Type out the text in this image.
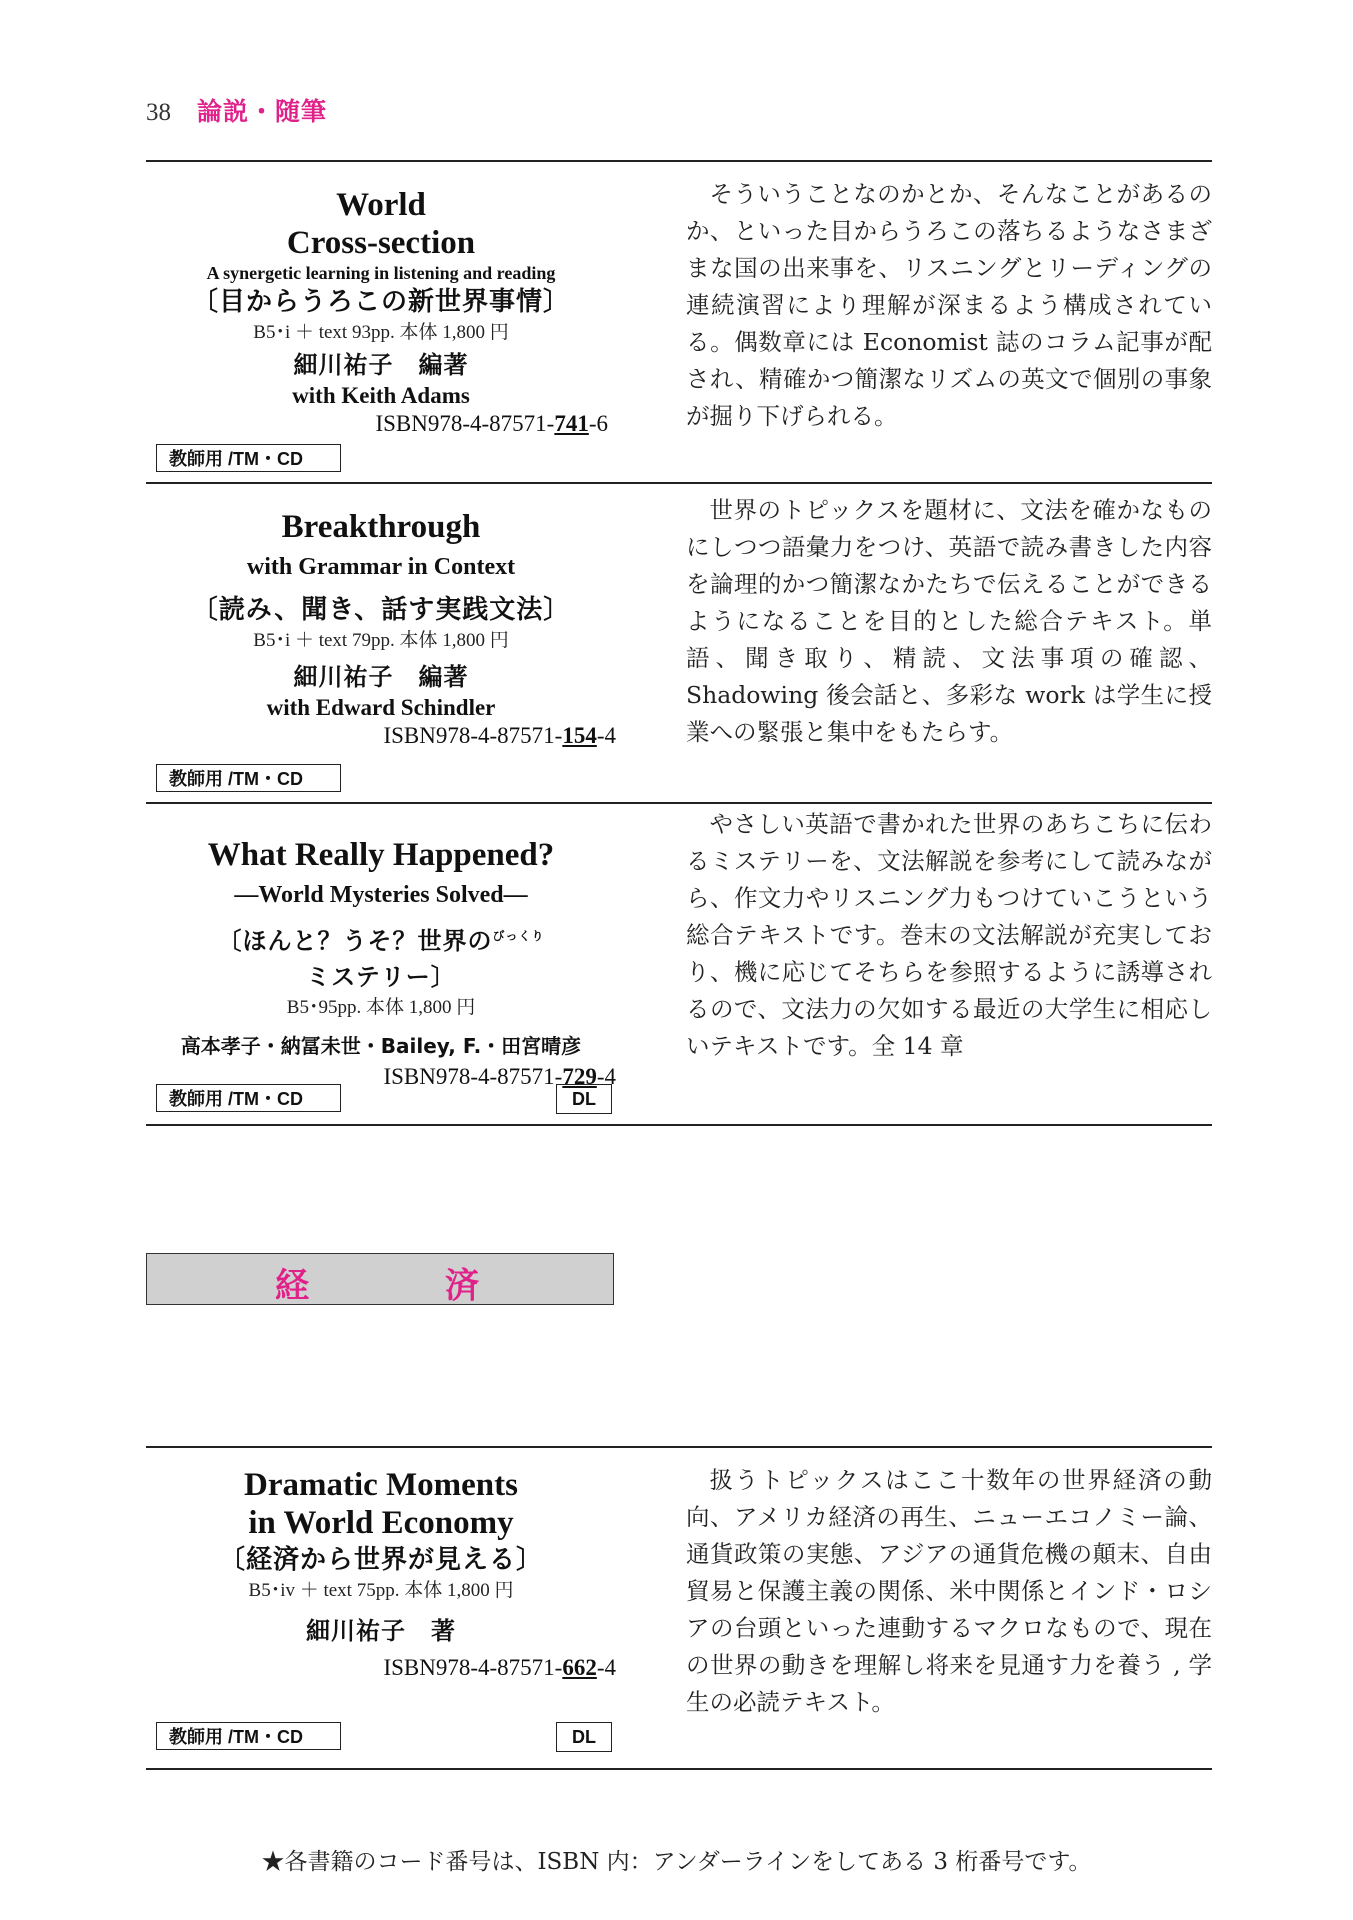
38 論説・随筆
World
Cross-section
A synergetic learning in listening and reading
〔目からうろこの新世界事情〕
B5･i ＋ text 93pp. 本体 1,800 円
細川祐子　編著
with Keith Adams
ISBN978-4-87571-741-6
教師用 /TM・CD

そういうことなのかとか、そんなことがあるのか、といった目からうろこの落ちるようなさまざまな国の出来事を、リスニングとリーディングの連続演習により理解が深まるよう構成されている。偶数章には Economist 誌のコラム記事が配され、精確かつ簡潔なリズムの英文で個別の事象が掘り下げられる。

Breakthrough
with Grammar in Context
〔読み、聞き、話す実践文法〕
B5･i ＋ text 79pp. 本体 1,800 円
細川祐子　編著
with Edward Schindler
ISBN978-4-87571-154-4
教師用 /TM・CD

世界のトピックスを題材に、文法を確かなものにしつつ語彙力をつけ、英語で読み書きした内容を論理的かつ簡潔なかたちで伝えることができるようになることを目的とした総合テキスト。単語、聞き取り、精読、文法事項の確認、Shadowing 後会話と、多彩な work は学生に授業への緊張と集中をもたらす。

What Really Happened?
—World Mysteries Solved—
〔ほんと？うそ？世界の$^{びっくり}$ミステリー〕
B5･95pp. 本体 1,800 円
高本孝子・納冨未世・Bailey, F.・田宮晴彦
ISBN978-4-87571-729-4
教師用 /TM・CD	DL

やさしい英語で書かれた世界のあちこちに伝わるミステリーを、文法解説を参考にして読みながら、作文力やリスニング力もつけていこうという総合テキストです。巻末の文法解説が充実しており、機に応じてそちらを参照するように誘導されるので、文法力の欠如する最近の大学生に相応しいテキストです。全 14 章

経	済
Dramatic Moments
in World Economy
〔経済から世界が見える〕
B5･iv ＋ text 75pp. 本体 1,800 円
細川祐子　著
ISBN978-4-87571-662-4
教師用 /TM・CD	DL

扱うトピックスはここ十数年の世界経済の動向、アメリカ経済の再生、ニューエコノミー論、通貨政策の実態、アジアの通貨危機の顛末、自由貿易と保護主義の関係、米中関係とインド・ロシアの台頭といった連動するマクロなもので、現在の世界の動きを理解し将来を見通す力を養う , 学生の必読テキスト。

★各書籍のコード番号は、ISBN 内：アンダーラインをしてある 3 桁番号です。
